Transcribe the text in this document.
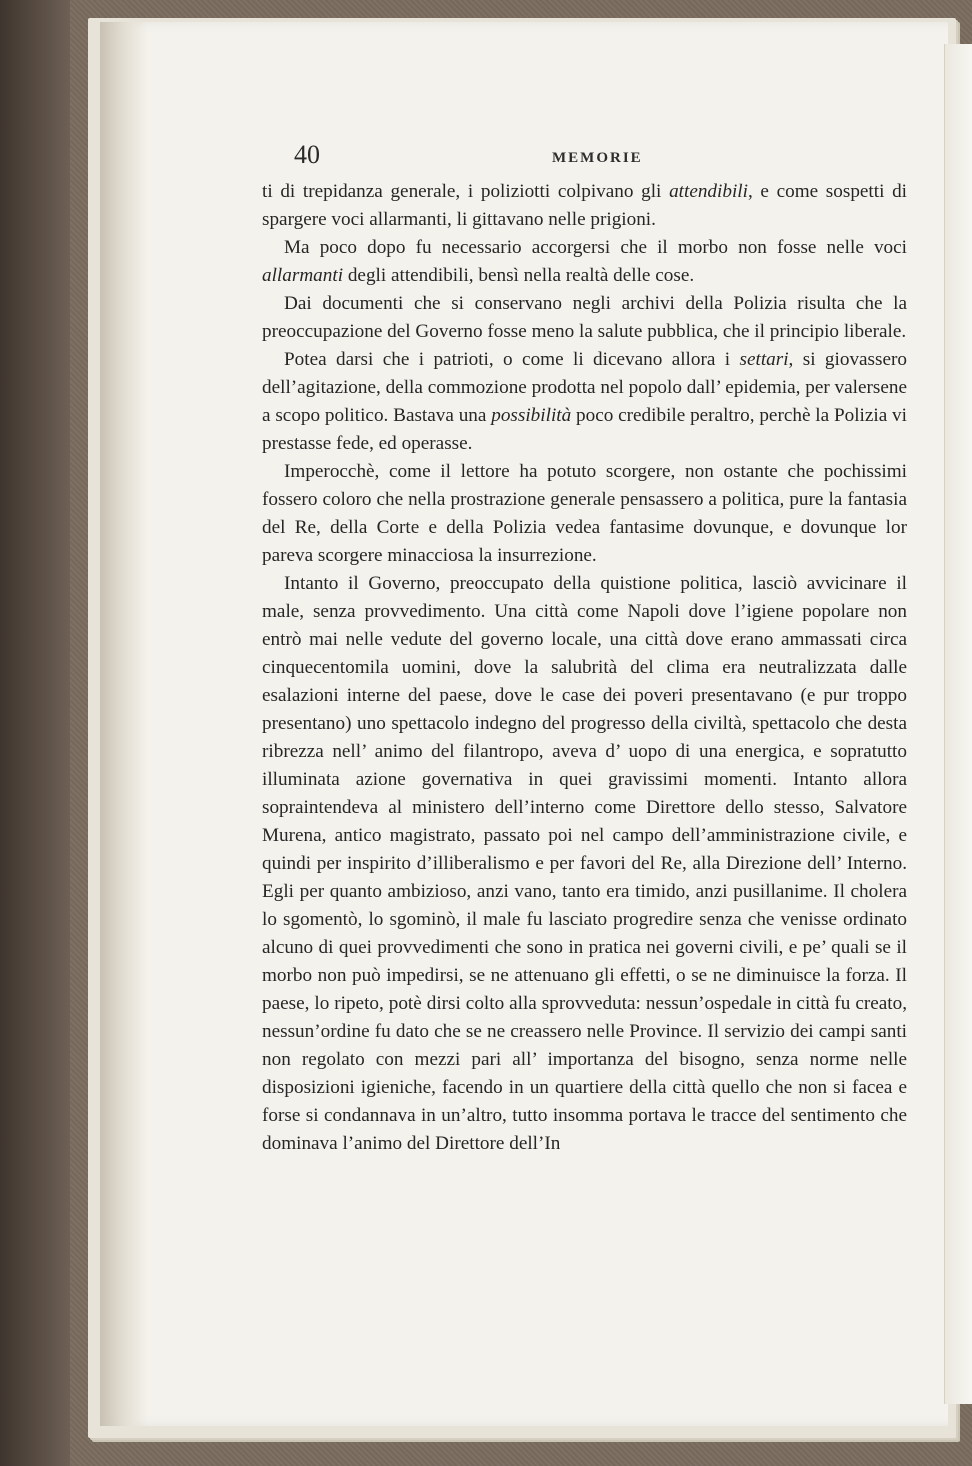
40	MEMORIE

ti di trepidanza generale, i poliziotti colpivano gli attendibili, e come sospetti di spargere voci allarmanti, li gittavano nelle prigioni.

Ma poco dopo fu necessario accorgersi che il morbo non fosse nelle voci allarmanti degli attendibili, bensì nella realtà delle cose.

Dai documenti che si conservano negli archivi della Polizia risulta che la preoccupazione del Governo fosse meno la salute pubblica, che il principio liberale.

Potea darsi che i patrioti, o come li dicevano allora i settari, si giovassero dell’agitazione, della commozione prodotta nel popolo dall’ epidemia, per valersene a scopo politico. Bastava una possibilità poco credibile peraltro, perchè la Polizia vi prestasse fede, ed operasse.

Imperocchè, come il lettore ha potuto scorgere, non ostante che pochissimi fossero coloro che nella prostrazione generale pensassero a politica, pure la fantasia del Re, della Corte e della Polizia vedea fantasime dovunque, e dovunque lor pareva scorgere minacciosa la insurrezione.

Intanto il Governo, preoccupato della quistione politica, lasciò avvicinare il male, senza provvedimento. Una città come Napoli dove l’igiene popolare non entrò mai nelle vedute del governo locale, una città dove erano ammassati circa cinquecentomila uomini, dove la salubrità del clima era neutralizzata dalle esalazioni interne del paese, dove le case dei poveri presentavano (e pur troppo presentano) uno spettacolo indegno del progresso della civiltà, spettacolo che desta ribrezza nell’ animo del filantropo, aveva d’ uopo di una energica, e sopratutto illuminata azione governativa in quei gravissimi momenti. Intanto allora sopraintendeva al ministero dell’interno come Direttore dello stesso, Salvatore Murena, antico magistrato, passato poi nel campo dell’amministrazione civile, e quindi per inspirito d’illiberalismo e per favori del Re, alla Direzione dell’ Interno. Egli per quanto ambizioso, anzi vano, tanto era timido, anzi pusillanime. Il cholera lo sgomentò, lo sgominò, il male fu lasciato progredire senza che venisse ordinato alcuno di quei provvedimenti che sono in pratica nei governi civili, e pe’ quali se il morbo non può impedirsi, se ne attenuano gli effetti, o se ne diminuisce la forza. Il paese, lo ripeto, potè dirsi colto alla sprovveduta: nessun’ospedale in città fu creato, nessun’ordine fu dato che se ne creassero nelle Province. Il servizio dei campi santi non regolato con mezzi pari all’ importanza del bisogno, senza norme nelle disposizioni igieniche, facendo in un quartiere della città quello che non si facea e forse si condannava in un’altro, tutto insomma portava le tracce del sentimento che dominava l’animo del Direttore dell’In
